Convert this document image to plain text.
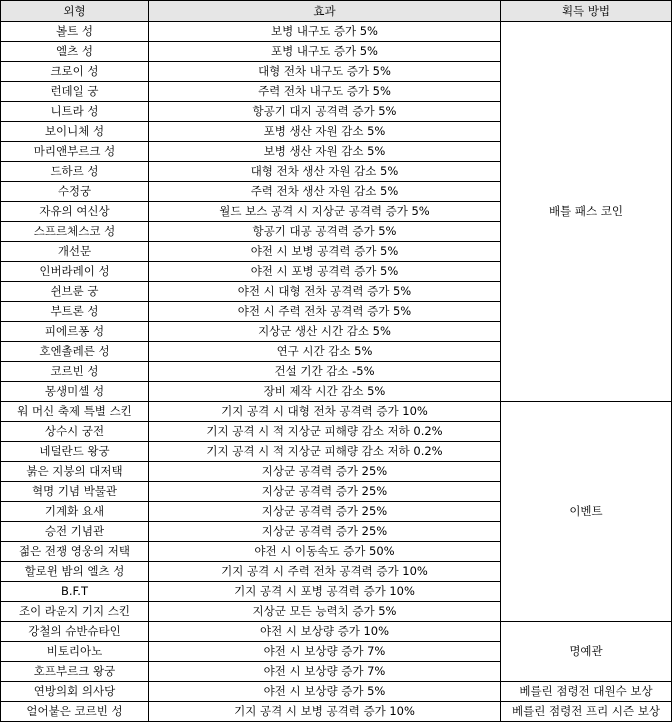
외형	효과	획득 방법
볼트 성	보병 내구도 증가 5%	배틀 패스 코인
엘츠 성	포병 내구도 증가 5%	
크로이 성	대형 전차 내구도 증가 5%	
런데일 궁	주력 전차 내구도 증가 5%	
니트라 성	항공기 대지 공격력 증가 5%	
보이니체 성	포병 생산 자원 감소 5%	
마리앤부르크 성	보병 생산 자원 감소 5%	
드하르 성	대형 전차 생산 자원 감소 5%	
수정궁	주력 전차 생산 자원 감소 5%	
자유의 여신상	월드 보스 공격 시 지상군 공격력 증가 5%	
스프르체스코 성	항공기 대공 공격력 증가 5%	
개선문	야전 시 보병 공격력 증가 5%	
인버라레이 성	야전 시 포병 공격력 증가 5%	
쉰브룬 궁	야전 시 대형 전차 공격력 증가 5%	
부트론 성	야전 시 주력 전차 공격력 증가 5%	
피에르퐁 성	지상군 생산 시간 감소 5%	
호엔촐레른 성	연구 시간 감소 5%	
코르빈 성	건설 기간 감소 -5%	
몽생미셸 성	장비 제작 시간 감소 5%	
워 머신 축제 특별 스킨	기지 공격 시 대형 전차 공격력 증가 10%	이벤트
상수시 궁전	기지 공격 시 적 지상군 피해량 감소 저하 0.2%	
네덜란드 왕궁	기지 공격 시 적 지상군 피해량 감소 저하 0.2%	
붉은 지붕의 대저택	지상군 공격력 증가 25%	
혁명 기념 박물관	지상군 공격력 증가 25%	
기계화 요새	지상군 공격력 증가 25%	
승전 기념관	지상군 공격력 증가 25%	
젊은 전쟁 영웅의 저택	야전 시 이동속도 증가 50%	
할로윈 밤의 엘츠 성	기지 공격 시 주력 전차 공격력 증가 10%	
B.F.T	기지 공격 시 포병 공격력 증가 10%	
조이 라운지 기지 스킨	지상군 모든 능력치 증가 5%	
강철의 슈반슈타인	야전 시 보상량 증가 10%	명예관
비토리아노	야전 시 보상량 증가 7%	
호프부르크 왕궁	야전 시 보상량 증가 7%	
연방의회 의사당	야전 시 보상량 증가 5%	베를린 점령전 대원수 보상
얼어붙은 코르빈 성	기지 공격 시 보병 공격력 증가 10%	베를린 점령전 프리 시즌 보상
